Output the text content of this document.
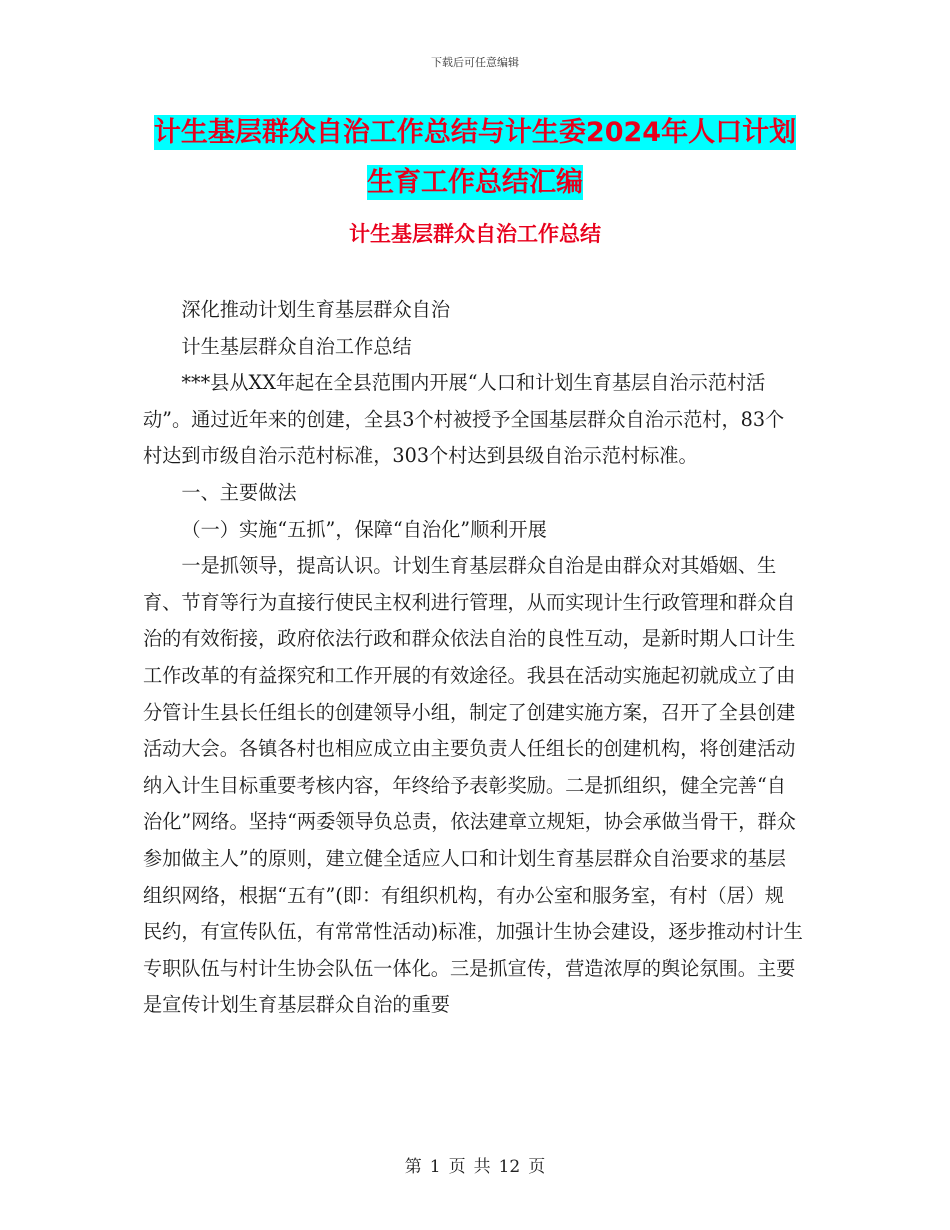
下载后可任意编辑
计生基层群众自治工作总结与计生委2024年人口计划
生育工作总结汇编
计生基层群众自治工作总结

深化推动计划生育基层群众自治

计生基层群众自治工作总结

***县从XX年起在全县范围内开展“人口和计划生育基层自治示范村活动”。通过近年来的创建，全县3个村被授予全国基层群众自治示范村，83个村达到市级自治示范村标准，303个村达到县级自治示范村标准。

一、主要做法

（一）实施“五抓”，保障“自治化”顺利开展

一是抓领导，提高认识。计划生育基层群众自治是由群众对其婚姻、生育、节育等行为直接行使民主权利进行管理，从而实现计生行政管理和群众自治的有效衔接，政府依法行政和群众依法自治的良性互动，是新时期人口计生工作改革的有益探究和工作开展的有效途径。我县在活动实施起初就成立了由分管计生县长任组长的创建领导小组，制定了创建实施方案，召开了全县创建活动大会。各镇各村也相应成立由主要负责人任组长的创建机构，将创建活动纳入计生目标重要考核内容，年终给予表彰奖励。二是抓组织，健全完善“自治化”网络。坚持“两委领导负总责，依法建章立规矩，协会承做当骨干，群众参加做主人”的原则，建立健全适应人口和计划生育基层群众自治要求的基层组织网络，根据“五有”(即：有组织机构，有办公室和服务室，有村（居）规民约，有宣传队伍，有常常性活动)标准，加强计生协会建设，逐步推动村计生专职队伍与村计生协会队伍一体化。三是抓宣传，营造浓厚的舆论氛围。主要是宣传计划生育基层群众自治的重要

第 1 页 共 12 页
